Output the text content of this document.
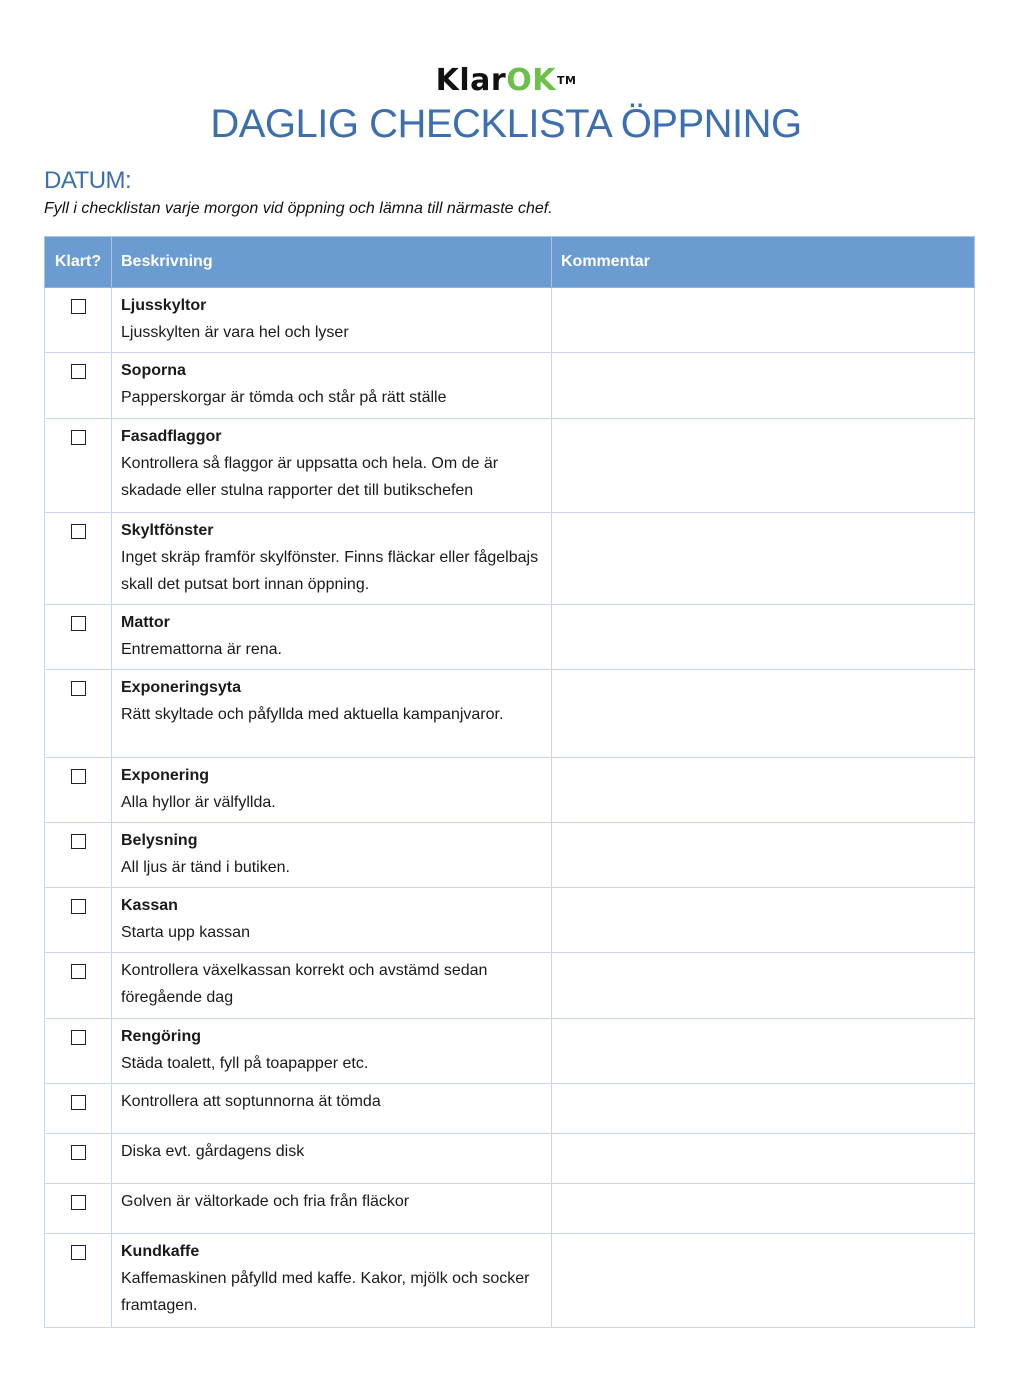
KlarOK™
DAGLIG CHECKLISTA ÖPPNING
DATUM:
Fyll i checklistan varje morgon vid öppning och lämna till närmaste chef.
Klart?	Beskrivning	Kommentar

	Ljusskyltor
Ljusskylten är vara hel och lyser	

	Soporna
Papperskorgar är tömda och står på rätt ställe	

	Fasadflaggor
Kontrollera så flaggor är uppsatta och hela. Om de är skadade eller stulna rapporter det till butikschefen	

	Skyltfönster
Inget skräp framför skylfönster. Finns fläckar eller fågelbajs skall det putsat bort innan öppning.	

	Mattor
Entremattorna är rena.	

	Exponeringsyta
Rätt skyltade och påfyllda med aktuella kampanjvaror.	

	Exponering
Alla hyllor är välfyllda.	

	Belysning
All ljus är tänd i butiken.	

	Kassan
Starta upp kassan	

	Kontrollera växelkassan korrekt och avstämd sedan föregående dag	

	Rengöring
Städa toalett, fyll på toapapper etc.	

	Kontrollera att soptunnorna ät tömda	

	Diska evt. gårdagens disk	

	Golven är vältorkade och fria från fläckor	

	Kundkaffe
Kaffemaskinen påfylld med kaffe. Kakor, mjölk och socker framtagen.	
